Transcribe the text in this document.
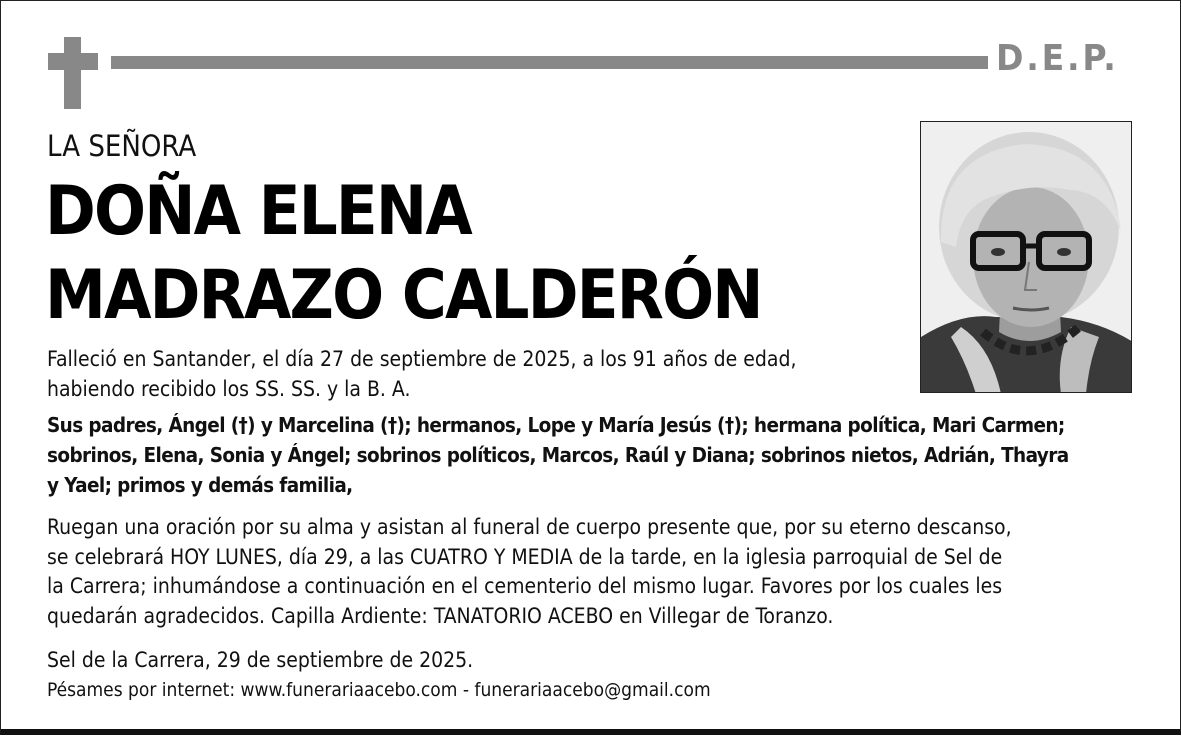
D.E.P.
LA SEÑORA
DOÑA ELENA
MADRAZO CALDERÓN
Falleció en Santander, el día 27 de septiembre de 2025, a los 91 años de edad,
habiendo recibido los SS. SS. y la B. A.
Sus padres, Ángel (†) y Marcelina (†); hermanos, Lope y María Jesús (†); hermana política, Mari Carmen;
sobrinos, Elena, Sonia y Ángel; sobrinos políticos, Marcos, Raúl y Diana; sobrinos nietos, Adrián, Thayra
y Yael; primos y demás familia,
Ruegan una oración por su alma y asistan al funeral de cuerpo presente que, por su eterno descanso,
se celebrará HOY LUNES, día 29, a las CUATRO Y MEDIA de la tarde, en la iglesia parroquial de Sel de
la Carrera; inhumándose a continuación en el cementerio del mismo lugar. Favores por los cuales les
quedarán agradecidos. Capilla Ardiente: TANATORIO ACEBO en Villegar de Toranzo.
Sel de la Carrera, 29 de septiembre de 2025.
Pésames por internet: www.funerariaacebo.com - funerariaacebo@gmail.com
